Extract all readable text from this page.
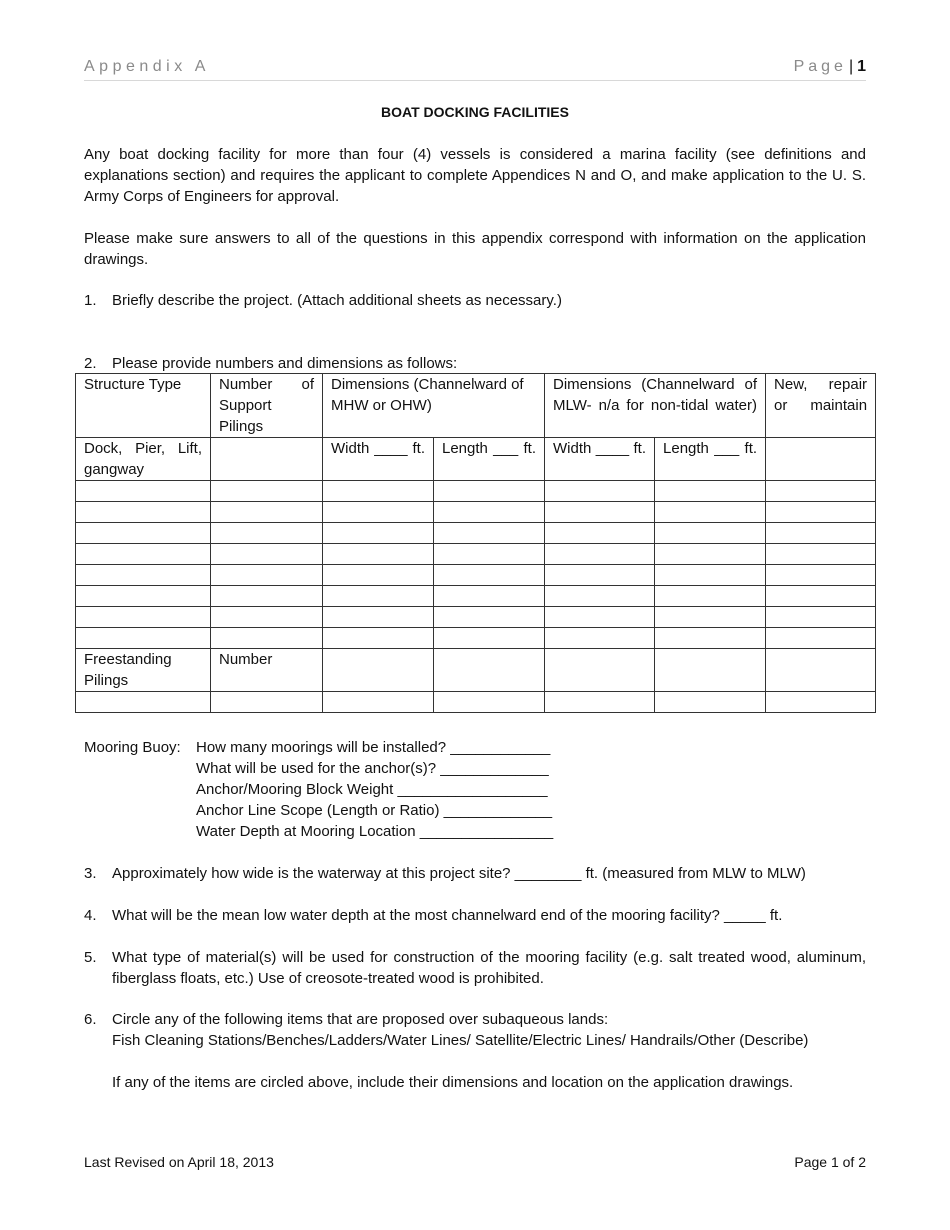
Appendix A	Page | 1
BOAT DOCKING FACILITIES
Any boat docking facility for more than four (4) vessels is considered a marina facility (see definitions and explanations section) and requires the applicant to complete Appendices N and O, and make application to the U. S. Army Corps of Engineers for approval.
Please make sure answers to all of the questions in this appendix correspond with information on the application drawings.
1. Briefly describe the project. (Attach additional sheets as necessary.)
2. Please provide numbers and dimensions as follows:
Structure Type	Number of Support Pilings	Dimensions (Channelward of MHW or OHW)		Dimensions (Channelward of MLW- n/a for non-tidal water)		New, repair or maintain
Dock, Pier, Lift, gangway		Width ____ ft.	Length ___ ft.	Width ____ ft.	Length ___ ft.	

Freestanding Pilings	Number					

Mooring Buoy: How many moorings will be installed? ____________
What will be used for the anchor(s)? _____________
Anchor/Mooring Block Weight __________________
Anchor Line Scope (Length or Ratio) _____________
Water Depth at Mooring Location ________________
3. Approximately how wide is the waterway at this project site? ________ ft. (measured from MLW to MLW)
4. What will be the mean low water depth at the most channelward end of the mooring facility? _____ ft.
5. What type of material(s) will be used for construction of the mooring facility (e.g. salt treated wood, aluminum, fiberglass floats, etc.) Use of creosote-treated wood is prohibited.
6. Circle any of the following items that are proposed over subaqueous lands:
Fish Cleaning Stations/Benches/Ladders/Water Lines/ Satellite/Electric Lines/ Handrails/Other (Describe)
If any of the items are circled above, include their dimensions and location on the application drawings.
Last Revised on April 18, 2013	Page 1 of 2
